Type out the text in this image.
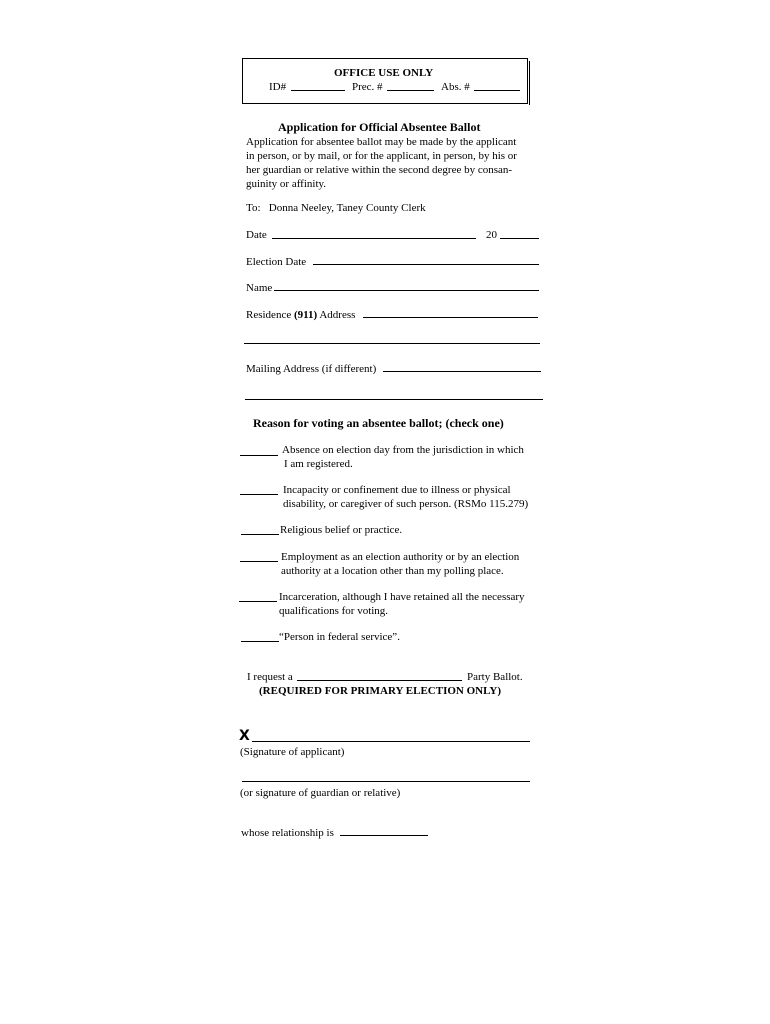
OFFICE USE ONLY
ID#	Prec. #	Abs. #
Application for Official Absentee Ballot
Application for absentee ballot may be made by the applicant
in person, or by mail, or for the applicant, in person, by his or
her guardian or relative within the second degree by consan-
guinity or affinity.
To:   Donna Neeley, Taney County Clerk
Date	20
Election Date
Name
Residence (911) Address
Mailing Address (if different)
Reason for voting an absentee ballot; (check one)
Absence on election day from the jurisdiction in which
I am registered.
Incapacity or confinement due to illness or physical
disability, or caregiver of such person. (RSMo 115.279)
Religious belief or practice.
Employment as an election authority or by an election
authority at a location other than my polling place.
Incarceration, although I have retained all the necessary
qualifications for voting.
“Person in federal service”.
I request a	Party Ballot.
(REQUIRED FOR PRIMARY ELECTION ONLY)
X
(Signature of applicant)
(or signature of guardian or relative)
whose relationship is
